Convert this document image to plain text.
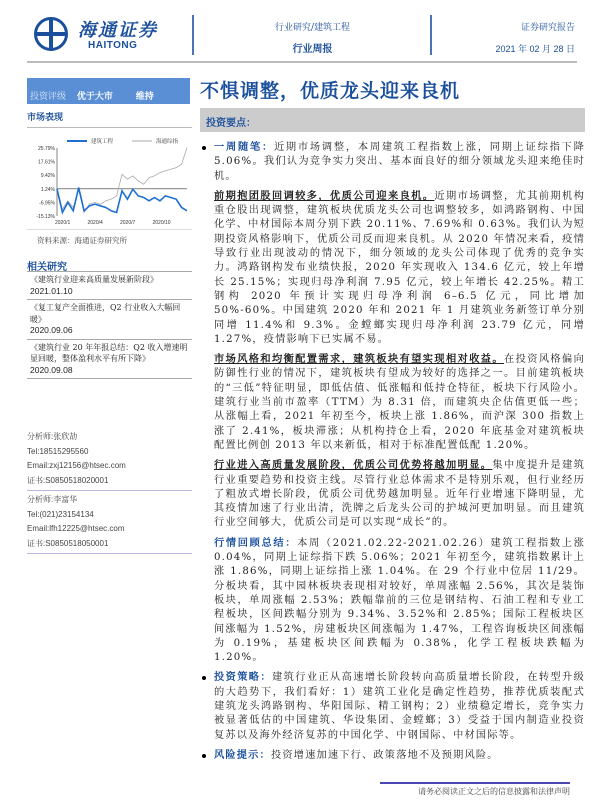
海通证券
HAITONG
行业研究/建筑工程
行业周报
证券研究报告
2021 年 02 月 28 日
投资评级 优于大市	维持	不惧调整，优质龙头迎来良机
市场表现	投资要点：
建筑工程	海通综指
25.79%
17.61%
9.42%
1.24%
-6.95%
-15.13%
2020/1	2020/4	2020/7	2020/10
资料来源：海通证券研究所
相关研究
《建筑行业迎来高质量发展新阶段》
2021.01.10
《复工复产全面推进，Q2 行业收入大幅回暖》
2020.09.06
《建筑行业 20 年年报总结：Q2 收入增速明显回暖，整体盈利水平有所下降》
2020.09.08
分析师:张欣劼
Tel:18515295560
Email:zxj12156@htsec.com
证书:S0850518020001
分析师:李富华
Tel:(021)23154134
Email:lfh12225@htsec.com
证书:S0850518050001

一周随笔：近期市场调整，本周建筑工程指数上涨，同期上证综指下降 5.06%。我们认为竞争实力突出、基本面良好的细分领域龙头迎来绝佳时机。

前期抱团股回调较多，优质公司迎来良机。近期市场调整，尤其前期机构重仓股出现调整，建筑板块优质龙头公司也调整较多，如鸿路钢构、中国化学、中材国际本周分别下跌 20.11%、7.69%和 0.63%。我们认为短期投资风格影响下，优质公司反而迎来良机。从 2020 年情况来看，疫情导致行业出现波动的情况下，细分领域的龙头公司体现了优秀的竞争实力。鸿路钢构发布业绩快报，2020 年实现收入 134.6 亿元，较上年增长 25.15%；实现归母净利润 7.95 亿元，较上年增长 42.25%。精工钢构 2020 年预计实现归母净利润 6–6.5 亿元，同比增加 50%-60%。中国建筑 2020 年和 2021 年 1 月建筑业务新签订单分别同增 11.4%和 9.3%。金螳螂实现归母净利润 23.79 亿元，同增 1.27%，疫情影响下已实属不易。

市场风格和均衡配置需求，建筑板块有望实现相对收益。在投资风格偏向防御性行业的情况下，建筑板块有望成为较好的选择之一。目前建筑板块的“三低”特征明显，即低估值、低涨幅和低持仓特征，板块下行风险小。建筑行业当前市盈率（TTM）为 8.31 倍，而建筑央企估值更低一些；从涨幅上看，2021 年初至今，板块上涨 1.86%，而沪深 300 指数上涨了 2.41%，板块滞涨；从机构持仓上看，2020 年底基金对建筑板块配置比例创 2013 年以来新低，相对于标准配置低配 1.20%。

行业进入高质量发展阶段，优质公司优势将越加明显。集中度提升是建筑行业重要趋势和投资主线。尽管行业总体需求不是特别乐观，但行业经历了粗放式增长阶段，优质公司优势越加明显。近年行业增速下降明显，尤其疫情加速了行业出清，洗牌之后龙头公司的护城河更加明显。而且建筑行业空间够大，优质公司是可以实现“成长”的。

行情回顾总结：本周（2021.02.22-2021.02.26）建筑工程指数上涨 0.04%，同期上证综指下跌 5.06%；2021 年初至今，建筑指数累计上涨 1.86%，同期上证综指上涨 1.04%。在 29 个行业中位居 11/29。分板块看，其中园林板块表现相对较好，单周涨幅 2.56%，其次是装饰板块，单周涨幅 2.53%；跌幅靠前的三位是钢结构、石油工程和专业工程板块，区间跌幅分别为 9.34%、3.52%和 2.85%；国际工程板块区间涨幅为 1.52%，房建板块区间涨幅为 1.47%，工程咨询板块区间涨幅为 0.19%，基建板块区间跌幅为 0.38%，化学工程板块跌幅为 1.20%。

投资策略：建筑行业正从高速增长阶段转向高质量增长阶段，在转型升级的大趋势下，我们看好：1）建筑工业化是确定性趋势，推荐优质装配式建筑龙头鸿路钢构、华阳国际、精工钢构；2）业绩稳定增长，竞争实力被显著低估的中国建筑、华设集团、金螳螂；3）受益于国内制造业投资复苏以及海外经济复苏的中国化学、中钢国际、中材国际等。

风险提示：投资增速加速下行、政策落地不及预期风险。

请务必阅读正文之后的信息披露和法律声明
